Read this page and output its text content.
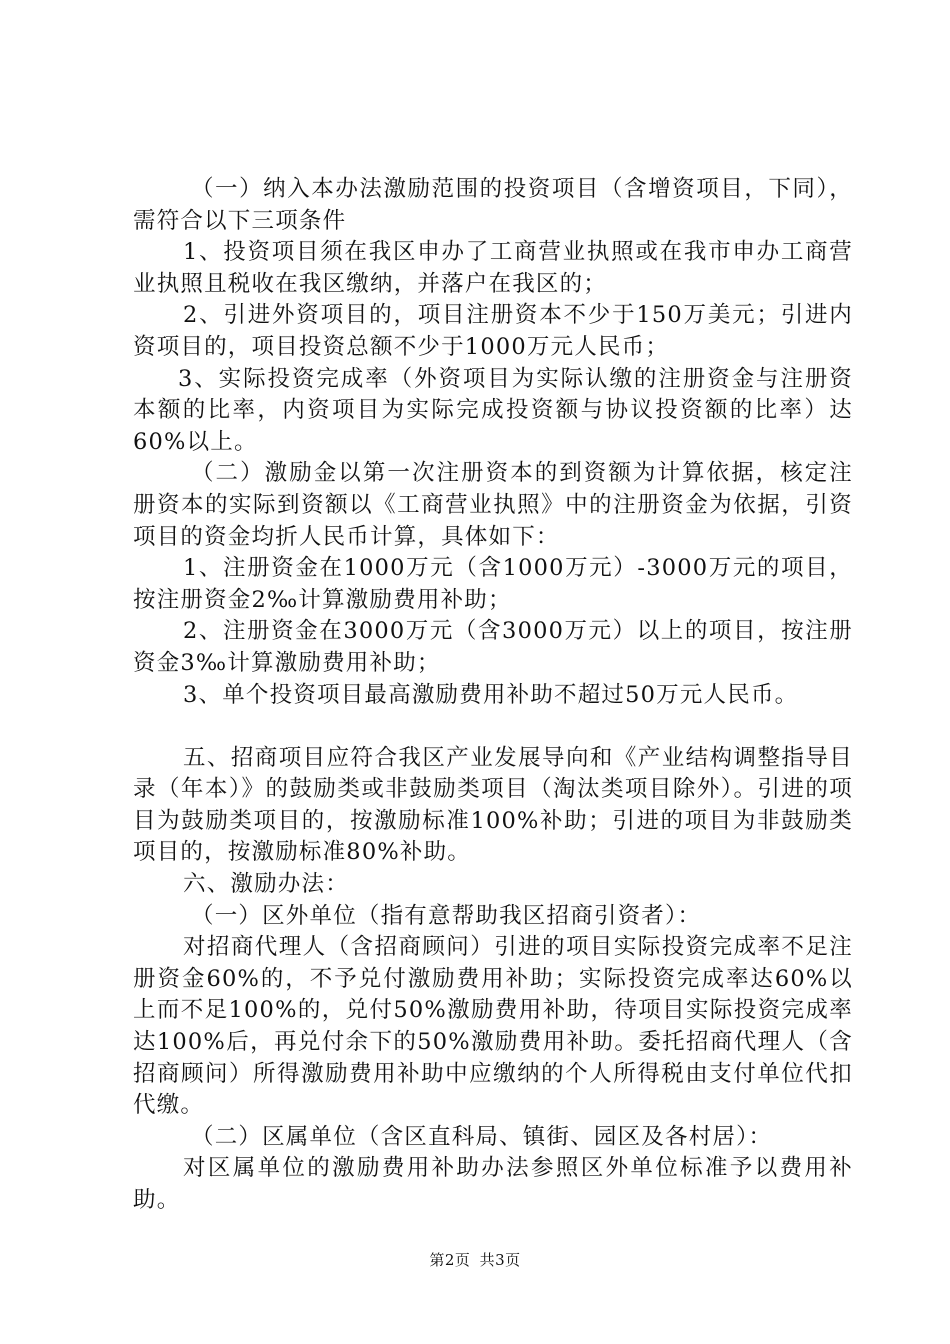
（一）纳入本办法激励范围的投资项目（含增资项目，下同），需符合以下三项条件

1、投资项目须在我区申办了工商营业执照或在我市申办工商营业执照且税收在我区缴纳，并落户在我区的；

2、引进外资项目的，项目注册资本不少于150万美元；引进内资项目的，项目投资总额不少于1000万元人民币；

3、实际投资完成率（外资项目为实际认缴的注册资金与注册资本额的比率，内资项目为实际完成投资额与协议投资额的比率）达60%以上。

（二）激励金以第一次注册资本的到资额为计算依据，核定注册资本的实际到资额以《工商营业执照》中的注册资金为依据，引资项目的资金均折人民币计算，具体如下：

1、注册资金在1000万元（含1000万元）-3000万元的项目，按注册资金2‰计算激励费用补助；

2、注册资金在3000万元（含3000万元）以上的项目，按注册资金3‰计算激励费用补助；

3、单个投资项目最高激励费用补助不超过50万元人民币。

五、招商项目应符合我区产业发展导向和《产业结构调整指导目录（年本）》的鼓励类或非鼓励类项目（淘汰类项目除外）。引进的项目为鼓励类项目的，按激励标准100%补助；引进的项目为非鼓励类项目的，按激励标准80%补助。

六、激励办法：

（一）区外单位（指有意帮助我区招商引资者）：

对招商代理人（含招商顾问）引进的项目实际投资完成率不足注册资金60%的，不予兑付激励费用补助；实际投资完成率达60%以上而不足100%的，兑付50%激励费用补助，待项目实际投资完成率达100%后，再兑付余下的50%激励费用补助。委托招商代理人（含招商顾问）所得激励费用补助中应缴纳的个人所得税由支付单位代扣代缴。

（二）区属单位（含区直科局、镇街、园区及各村居）：

对区属单位的激励费用补助办法参照区外单位标准予以费用补助。

第2页 共3页
